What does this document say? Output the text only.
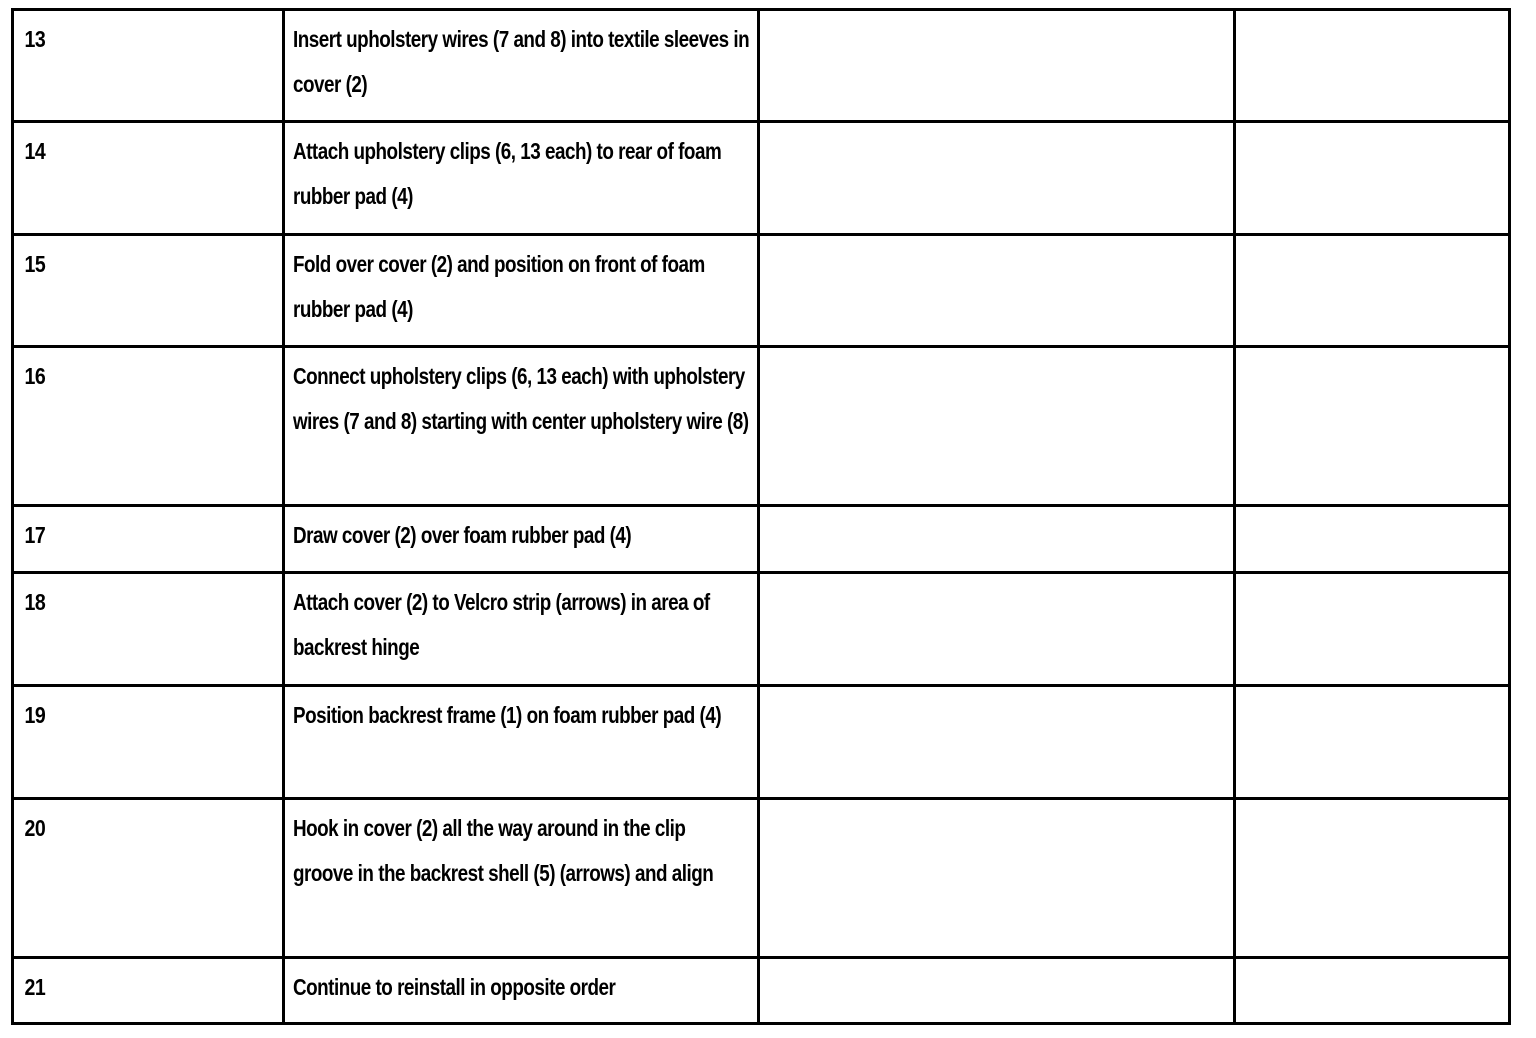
13	Insert upholstery wires (7 and 8) into textile sleeves in cover (2)		

14	Attach upholstery clips (6, 13 each) to rear of foam rubber pad (4)		

15	Fold over cover (2) and position on front of foam rubber pad (4)		

16	Connect upholstery clips (6, 13 each) with upholstery wires (7 and 8) starting with center upholstery wire (8)		

17	Draw cover (2) over foam rubber pad (4)		

18	Attach cover (2) to Velcro strip (arrows) in area of backrest hinge		

19	Position backrest frame (1) on foam rubber pad (4)		

20	Hook in cover (2) all the way around in the clip groove in the backrest shell (5) (arrows) and align		

21	Continue to reinstall in opposite order		
